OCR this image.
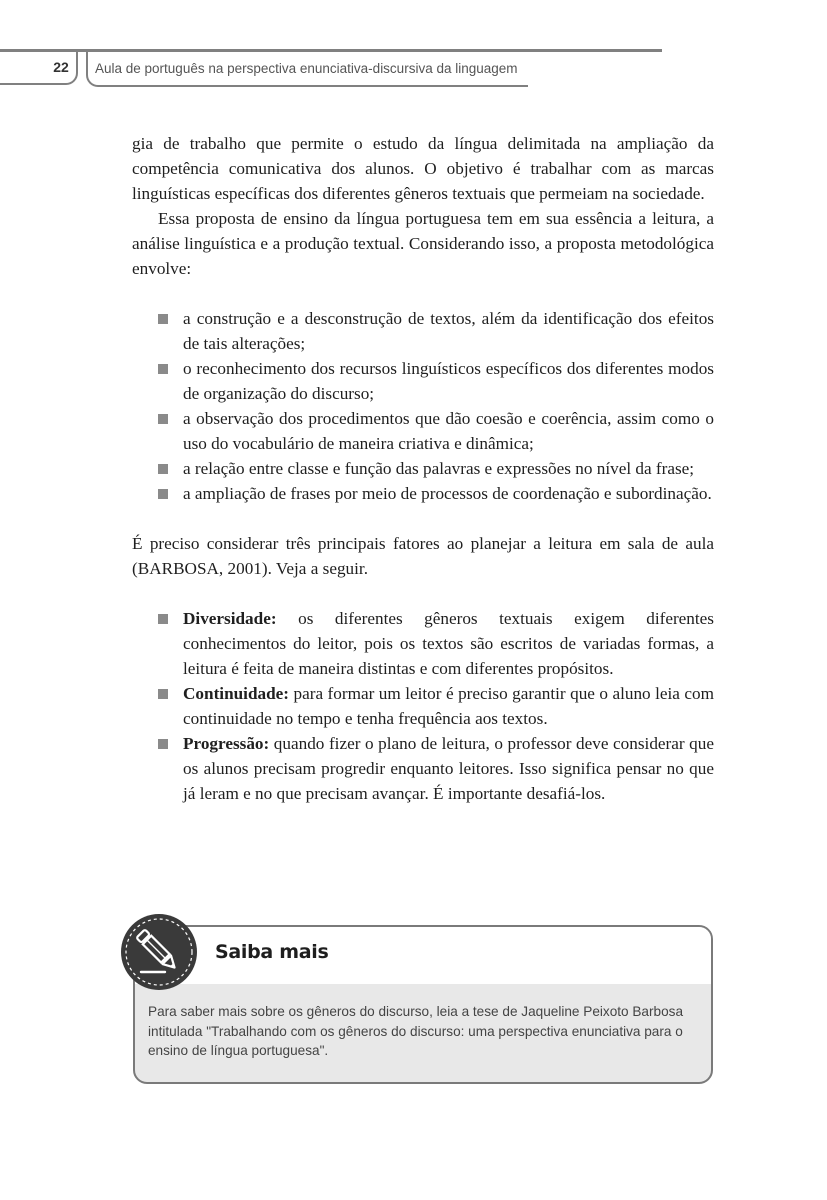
22	Aula de português na perspectiva enunciativa-discursiva da linguagem

gia de trabalho que permite o estudo da língua delimitada na ampliação da competência comunicativa dos alunos. O objetivo é trabalhar com as marcas linguísticas específicas dos diferentes gêneros textuais que permeiam na sociedade.

Essa proposta de ensino da língua portuguesa tem em sua essência a leitura, a análise linguística e a produção textual. Considerando isso, a proposta metodológica envolve:

a construção e a desconstrução de textos, além da identificação dos efeitos de tais alterações;
o reconhecimento dos recursos linguísticos específicos dos diferentes modos de organização do discurso;
a observação dos procedimentos que dão coesão e coerência, assim como o uso do vocabulário de maneira criativa e dinâmica;
a relação entre classe e função das palavras e expressões no nível da frase;
a ampliação de frases por meio de processos de coordenação e subordinação.

É preciso considerar três principais fatores ao planejar a leitura em sala de aula (BARBOSA, 2001). Veja a seguir.

Diversidade: os diferentes gêneros textuais exigem diferentes conhecimentos do leitor, pois os textos são escritos de variadas formas, a leitura é feita de maneira distintas e com diferentes propósitos.
Continuidade: para formar um leitor é preciso garantir que o aluno leia com continuidade no tempo e tenha frequência aos textos.
Progressão: quando fizer o plano de leitura, o professor deve considerar que os alunos precisam progredir enquanto leitores. Isso significa pensar no que já leram e no que precisam avançar. É importante desafiá-los.
Saiba mais
Para saber mais sobre os gêneros do discurso, leia a tese de Jaqueline Peixoto Barbosa intitulada "Trabalhando com os gêneros do discurso: uma perspectiva enunciativa para o ensino de língua portuguesa".
